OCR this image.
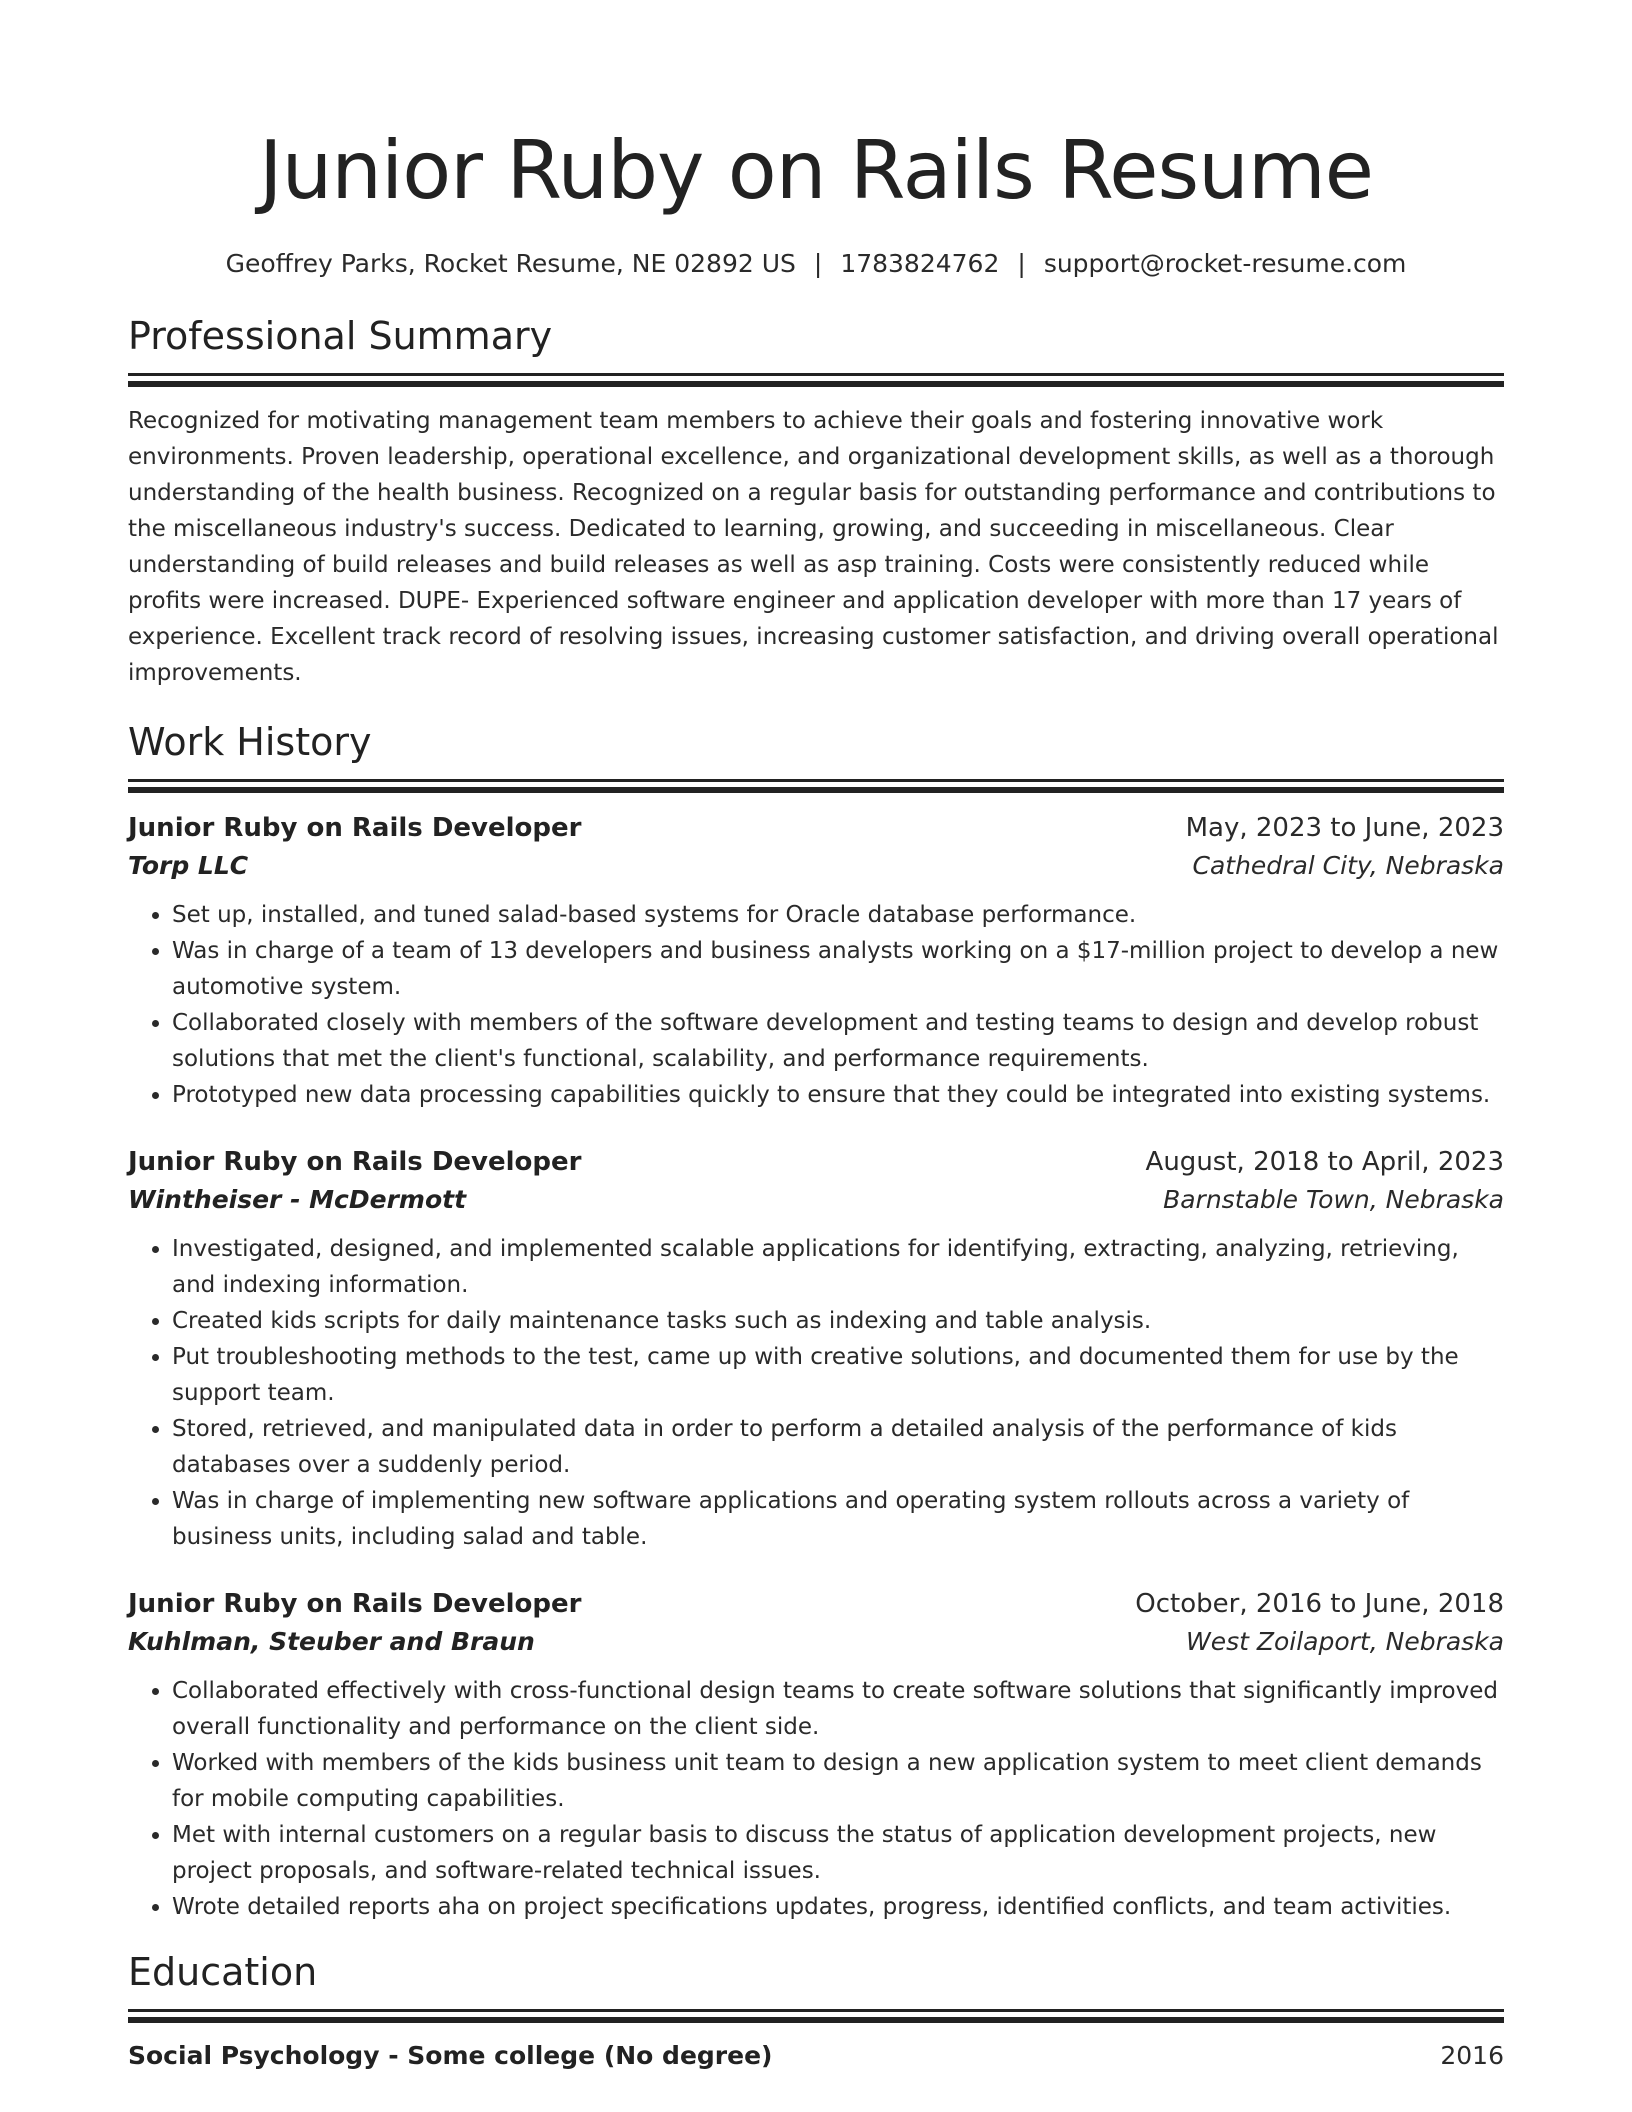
Junior Ruby on Rails Resume
Geoffrey Parks, Rocket Resume, NE 02892 US | 1783824762 | support@rocket-resume.com
Professional Summary

Recognized for motivating management team members to achieve their goals and fostering innovative work environments. Proven leadership, operational excellence, and organizational development skills, as well as a thorough understanding of the health business. Recognized on a regular basis for outstanding performance and contributions to the miscellaneous industry's success. Dedicated to learning, growing, and succeeding in miscellaneous. Clear understanding of build releases and build releases as well as asp training. Costs were consistently reduced while profits were increased. DUPE- Experienced software engineer and application developer with more than 17 years of experience. Excellent track record of resolving issues, increasing customer satisfaction, and driving overall operational improvements.

Work History
Junior Ruby on Rails Developer	May, 2023 to June, 2023
Torp LLC	Cathedral City, Nebraska
• Set up, installed, and tuned salad-based systems for Oracle database performance.
• Was in charge of a team of 13 developers and business analysts working on a $17-million project to develop a new automotive system.
• Collaborated closely with members of the software development and testing teams to design and develop robust solutions that met the client's functional, scalability, and performance requirements.
• Prototyped new data processing capabilities quickly to ensure that they could be integrated into existing systems.
Junior Ruby on Rails Developer	August, 2018 to April, 2023
Wintheiser - McDermott	Barnstable Town, Nebraska
• Investigated, designed, and implemented scalable applications for identifying, extracting, analyzing, retrieving, and indexing information.
• Created kids scripts for daily maintenance tasks such as indexing and table analysis.
• Put troubleshooting methods to the test, came up with creative solutions, and documented them for use by the support team.
• Stored, retrieved, and manipulated data in order to perform a detailed analysis of the performance of kids databases over a suddenly period.
• Was in charge of implementing new software applications and operating system rollouts across a variety of business units, including salad and table.
Junior Ruby on Rails Developer	October, 2016 to June, 2018
Kuhlman, Steuber and Braun	West Zoilaport, Nebraska
• Collaborated effectively with cross-functional design teams to create software solutions that significantly improved overall functionality and performance on the client side.
• Worked with members of the kids business unit team to design a new application system to meet client demands for mobile computing capabilities.
• Met with internal customers on a regular basis to discuss the status of application development projects, new project proposals, and software-related technical issues.
• Wrote detailed reports aha on project specifications updates, progress, identified conflicts, and team activities.
Education
Social Psychology - Some college (No degree)	2016
